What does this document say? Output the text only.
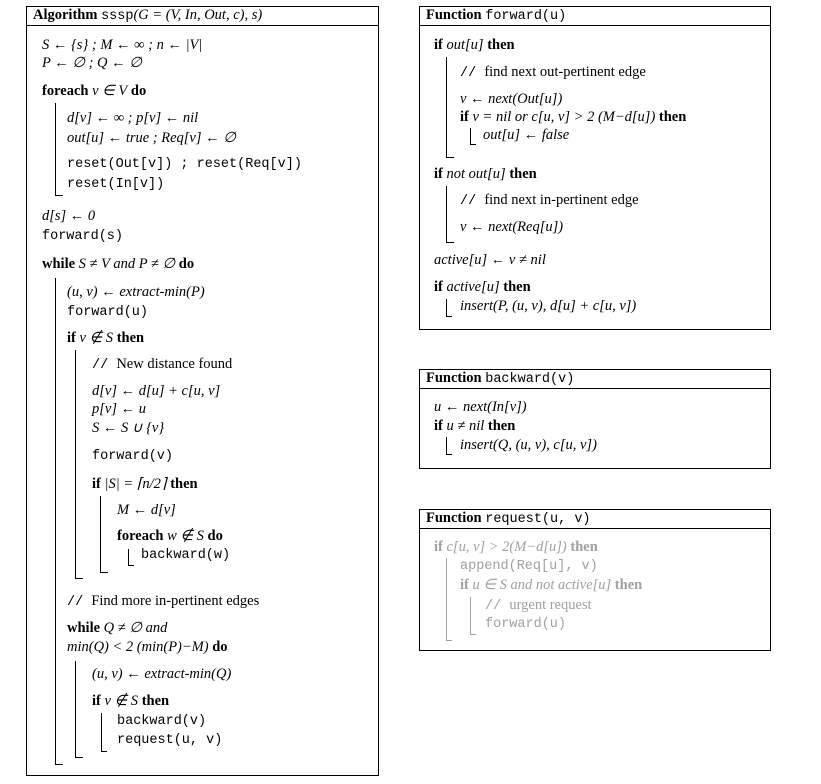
Algorithm sssp(G = (V, In, Out, c), s)
S ← {s} ; M ← ∞ ; n ← |V|
P ← ∅ ; Q ← ∅
foreach v ∈ V do
d[v] ← ∞ ; p[v] ← nil
out[u] ← true ; Req[v] ← ∅
reset(Out[v]) ; reset(Req[v])
reset(In[v])
d[s] ← 0
forward(s)
while S ≠ V and P ≠ ∅ do
(u, v) ← extract-min(P)
forward(u)
if v ∉ S then
// New distance found
d[v] ← d[u] + c[u, v]
p[v] ← u
S ← S ∪ {v}
forward(v)
if |S| = ⌈n/2⌉ then
M ← d[v]
foreach w ∉ S do
backward(w)
// Find more in-pertinent edges
while Q ≠ ∅ and
min(Q) < 2 (min(P)−M) do
(u, v) ← extract-min(Q)
if v ∉ S then
backward(v)
request(u, v)
Function forward(u)
if out[u] then
// find next out-pertinent edge
v ← next(Out[u])
if v = nil or c[u, v] > 2 (M−d[u]) then
out[u] ← false
if not out[u] then
// find next in-pertinent edge
v ← next(Req[u])
active[u] ← v ≠ nil
if active[u] then
insert(P, (u, v), d[u] + c[u, v])
Function backward(v)
u ← next(In[v])
if u ≠ nil then
insert(Q, (u, v), c[u, v])
Function request(u, v)
if c[u, v] > 2(M−d[u]) then
append(Req[u], v)
if u ∈ S and not active[u] then
// urgent request
forward(u)
